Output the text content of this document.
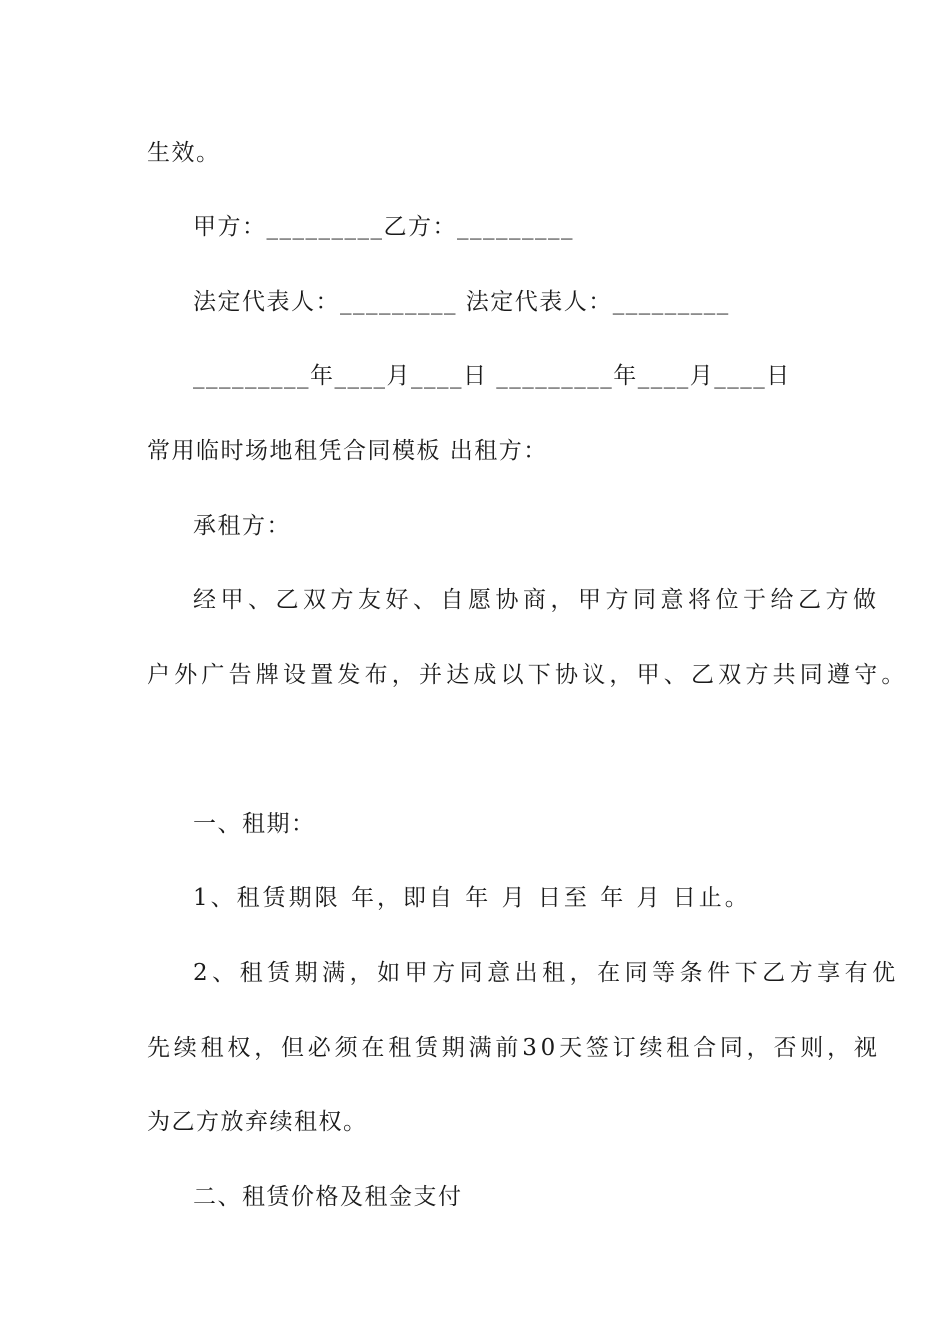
生效。
甲方：_________乙方：_________
法定代表人：_________ 法定代表人：_________
_________年____月____日 _________年____月____日
常用临时场地租凭合同模板 出租方：
承租方：
经甲、乙双方友好、自愿协商，甲方同意将位于给乙方做
户外广告牌设置发布，并达成以下协议，甲、乙双方共同遵守。
一、租期：
1、租赁期限 年，即自 年 月 日至 年 月 日止。
2、租赁期满，如甲方同意出租，在同等条件下乙方享有优
先续租权，但必须在租赁期满前30天签订续租合同，否则，视
为乙方放弃续租权。
二、租赁价格及租金支付
